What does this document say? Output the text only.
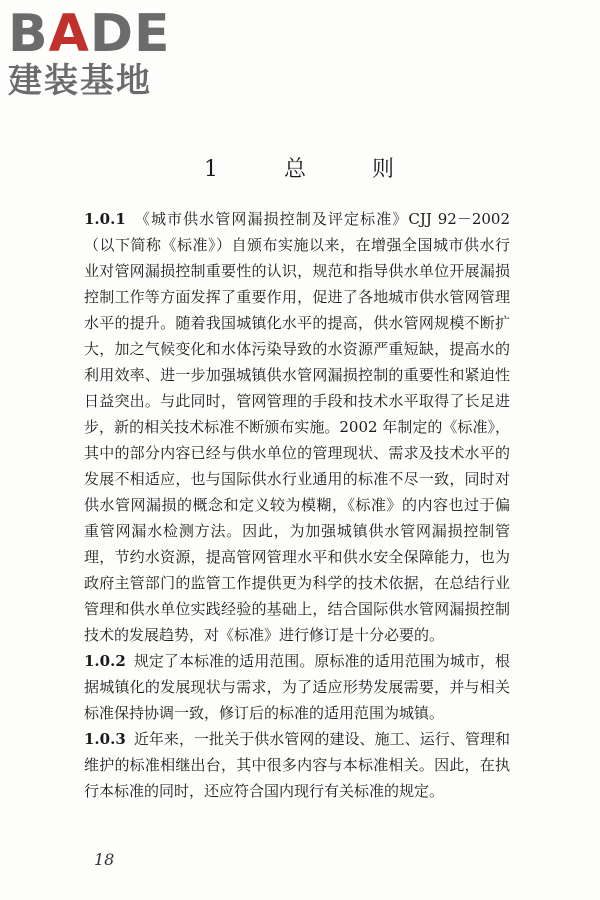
BADE
建装基地
1	总	则

1.0.1 《城市供水管网漏损控制及评定标准》CJJ 92－2002（以下简称《标准》）自颁布实施以来，在增强全国城市供水行业对管网漏损控制重要性的认识，规范和指导供水单位开展漏损控制工作等方面发挥了重要作用，促进了各地城市供水管网管理水平的提升。随着我国城镇化水平的提高，供水管网规模不断扩大，加之气候变化和水体污染导致的水资源严重短缺，提高水的利用效率、进一步加强城镇供水管网漏损控制的重要性和紧迫性日益突出。与此同时，管网管理的手段和技术水平取得了长足进步，新的相关技术标准不断颁布实施。2002 年制定的《标准》，其中的部分内容已经与供水单位的管理现状、需求及技术水平的发展不相适应，也与国际供水行业通用的标准不尽一致，同时对供水管网漏损的概念和定义较为模糊，《标准》的内容也过于偏重管网漏水检测方法。因此，为加强城镇供水管网漏损控制管理，节约水资源，提高管网管理水平和供水安全保障能力，也为政府主管部门的监管工作提供更为科学的技术依据，在总结行业管理和供水单位实践经验的基础上，结合国际供水管网漏损控制技术的发展趋势，对《标准》进行修订是十分必要的。

1.0.2 规定了本标准的适用范围。原标准的适用范围为城市，根据城镇化的发展现状与需求，为了适应形势发展需要，并与相关标准保持协调一致，修订后的标准的适用范围为城镇。

1.0.3 近年来，一批关于供水管网的建设、施工、运行、管理和维护的标准相继出台，其中很多内容与本标准相关。因此，在执行本标准的同时，还应符合国内现行有关标准的规定。

18
